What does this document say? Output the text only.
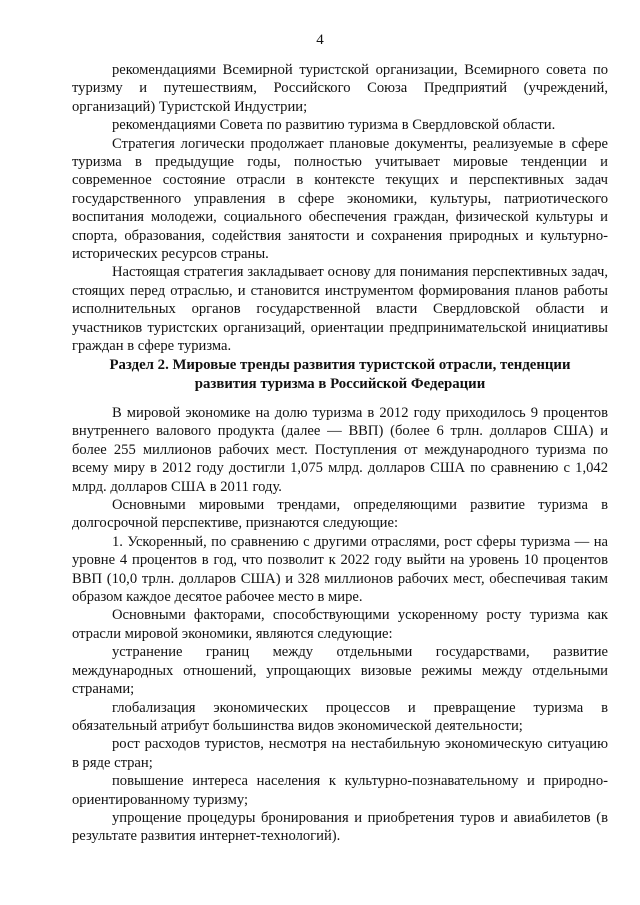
4

рекомендациями Всемирной туристской организации, Всемирного совета по туризму и путешествиям, Российского Союза Предприятий (учреждений, организаций) Туристской Индустрии;

рекомендациями Совета по развитию туризма в Свердловской области.

Стратегия логически продолжает плановые документы, реализуемые в сфере туризма в предыдущие годы, полностью учитывает мировые тенденции и современное состояние отрасли в контексте текущих и перспективных задач государственного управления в сфере экономики, культуры, патриотического воспитания молодежи, социального обеспечения граждан, физической культуры и спорта, образования, содействия занятости и сохранения природных и культурно-исторических ресурсов страны.

Настоящая стратегия закладывает основу для понимания перспективных задач, стоящих перед отраслью, и становится инструментом формирования планов работы исполнительных органов государственной власти Свердловской области и участников туристских организаций, ориентации предпринимательской инициативы граждан в сфере туризма.

Раздел 2. Мировые тренды развития туристской отрасли, тенденции
развития туризма в Российской Федерации

В мировой экономике на долю туризма в 2012 году приходилось 9 процентов внутреннего валового продукта (далее — ВВП) (более 6 трлн. долларов США) и более 255 миллионов рабочих мест. Поступления от международного туризма по всему миру в 2012 году достигли 1,075 млрд. долларов США по сравнению с 1,042 млрд. долларов США в 2011 году.

Основными мировыми трендами, определяющими развитие туризма в долгосрочной перспективе, признаются следующие:

1. Ускоренный, по сравнению с другими отраслями, рост сферы туризма — на уровне 4 процентов в год, что позволит к 2022 году выйти на уровень 10 процентов ВВП (10,0 трлн. долларов США) и 328 миллионов рабочих мест, обеспечивая таким образом каждое десятое рабочее место в мире.

Основными факторами, способствующими ускоренному росту туризма как отрасли мировой экономики, являются следующие:

устранение границ между отдельными государствами, развитие международных отношений, упрощающих визовые режимы между отдельными странами;

глобализация экономических процессов и превращение туризма в обязательный атрибут большинства видов экономической деятельности;

рост расходов туристов, несмотря на нестабильную экономическую ситуацию в ряде стран;

повышение интереса населения к культурно-познавательному и природно-ориентированному туризму;

упрощение процедуры бронирования и приобретения туров и авиабилетов (в результате развития интернет-технологий).
